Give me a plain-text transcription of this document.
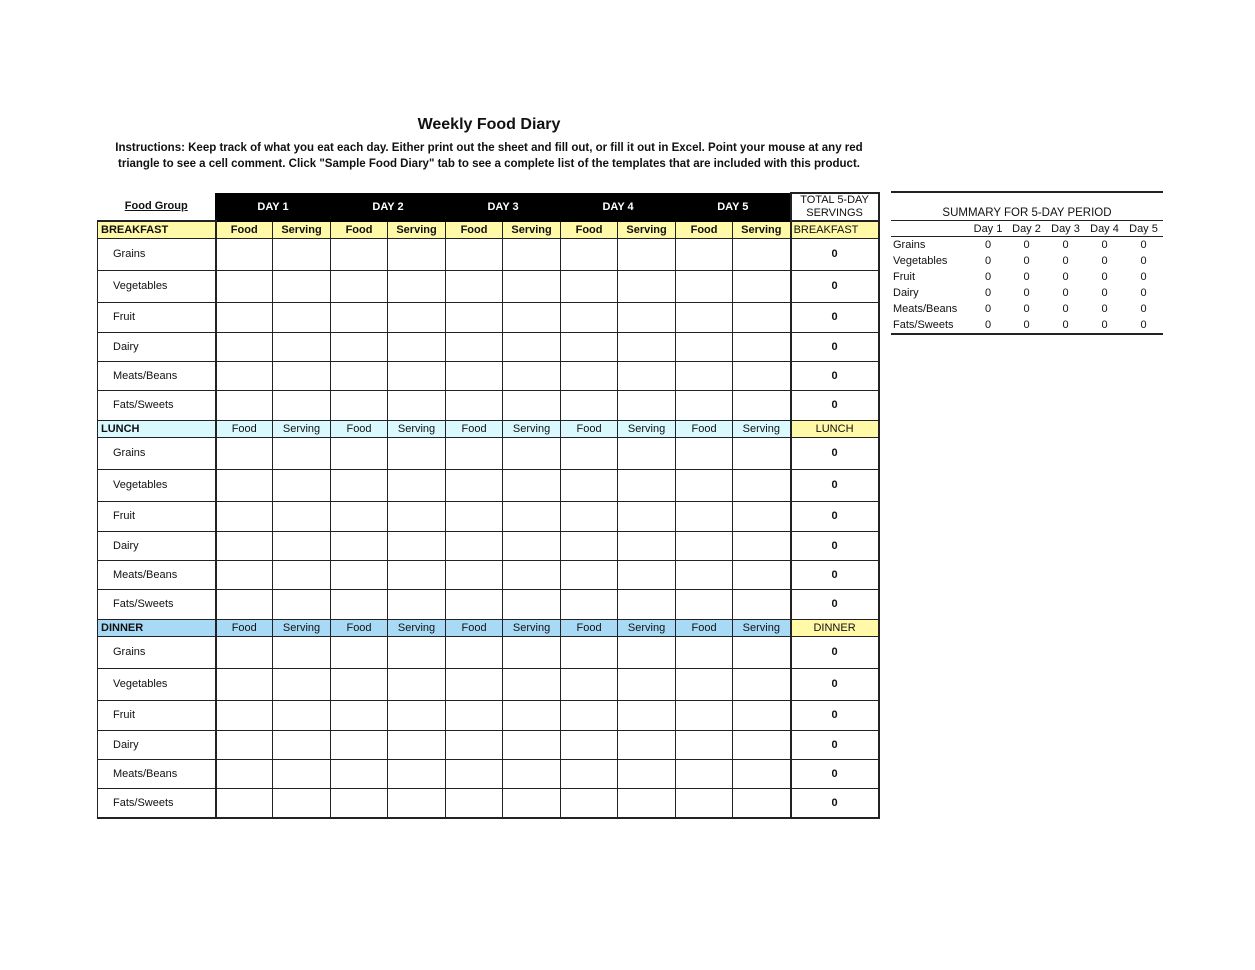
Weekly Food Diary
Instructions: Keep track of what you eat each day. Either print out the sheet and fill out, or fill it out in Excel. Point your mouse at any red triangle to see a cell comment. Click "Sample Food Diary" tab to see a complete list of the templates that are included with this product.
Food Group	DAY 1		DAY 2		DAY 3		DAY 4		DAY 5		TOTAL 5-DAY SERVINGS
BREAKFAST	Food	Serving	Food	Serving	Food	Serving	Food	Serving	Food	Serving	BREAKFAST
Grains											0
Vegetables											0
Fruit											0
Dairy											0
Meats/Beans											0
Fats/Sweets											0
LUNCH	Food	Serving	Food	Serving	Food	Serving	Food	Serving	Food	Serving	LUNCH
Grains											0
Vegetables											0
Fruit											0
Dairy											0
Meats/Beans											0
Fats/Sweets											0
DINNER	Food	Serving	Food	Serving	Food	Serving	Food	Serving	Food	Serving	DINNER
Grains											0
Vegetables											0
Fruit											0
Dairy											0
Meats/Beans											0
Fats/Sweets											0
SUMMARY FOR 5-DAY PERIOD
	Day 1	Day 2	Day 3	Day 4	Day 5
Grains	0	0	0	0	0
Vegetables	0	0	0	0	0
Fruit	0	0	0	0	0
Dairy	0	0	0	0	0
Meats/Beans	0	0	0	0	0
Fats/Sweets	0	0	0	0	0
